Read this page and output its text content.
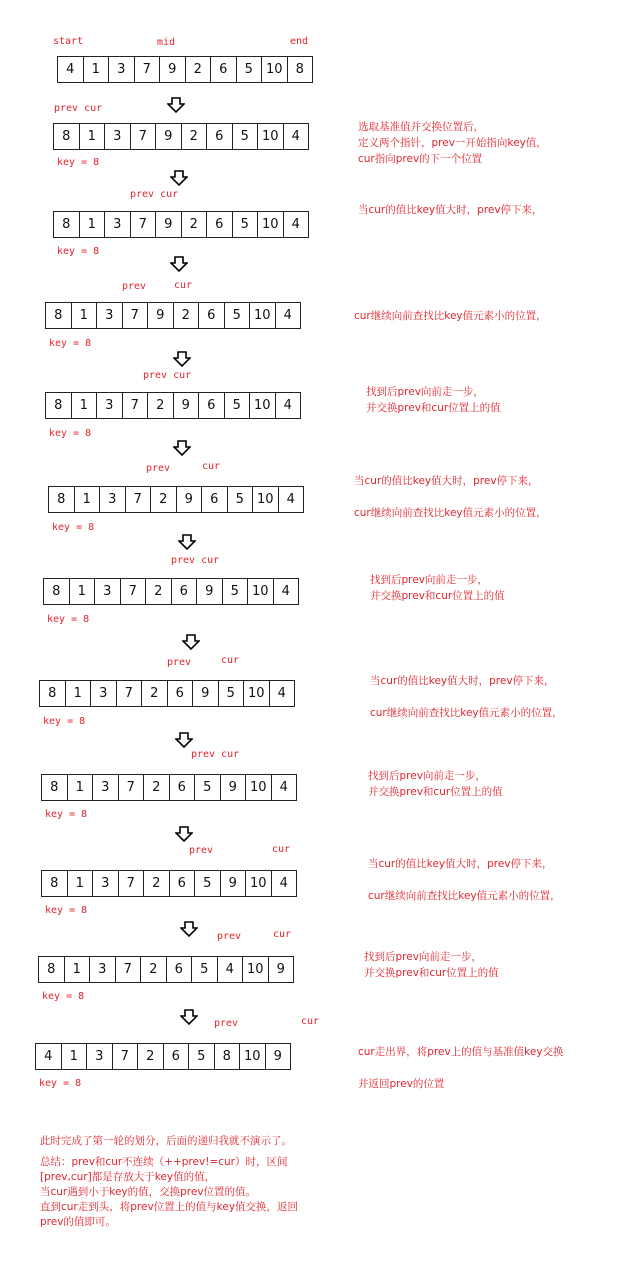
start	mid	end
4	1	3	7	9	2	6	5	10	8
prev cur
8	1	3	7	9	2	6	5	10	4
key = 8
选取基准值并交换位置后，
定义两个指针，prev一开始指向key值，
cur指向prev的下一个位置
prev cur
8	1	3	7	9	2	6	5	10	4
key = 8
当cur的值比key值大时，prev停下来，
prev	cur
8	1	3	7	9	2	6	5	10	4
key = 8
cur继续向前查找比key值元素小的位置，
prev cur
8	1	3	7	2	9	6	5	10	4
key = 8
找到后prev向前走一步，
并交换prev和cur位置上的值
prev	cur
8	1	3	7	2	9	6	5	10	4
key = 8
当cur的值比key值大时，prev停下来，

cur继续向前查找比key值元素小的位置，
prev cur
8	1	3	7	2	6	9	5	10	4
key = 8
找到后prev向前走一步，
并交换prev和cur位置上的值
prev	cur
8	1	3	7	2	6	9	5	10	4
key = 8
当cur的值比key值大时，prev停下来，

cur继续向前查找比key值元素小的位置，
prev cur
8	1	3	7	2	6	5	9	10	4
key = 8
找到后prev向前走一步，
并交换prev和cur位置上的值
prev	cur
8	1	3	7	2	6	5	9	10	4
key = 8
当cur的值比key值大时，prev停下来，

cur继续向前查找比key值元素小的位置，
prev	cur
8	1	3	7	2	6	5	4	10	9
key = 8
找到后prev向前走一步，
并交换prev和cur位置上的值
prev	cur
4	1	3	7	2	6	5	8	10	9
key = 8
cur走出界，将prev上的值与基准值key交换

并返回prev的位置
此时完成了第一轮的划分，后面的递归我就不演示了。
总结：prev和cur不连续（++prev!=cur）时，区间[prev,cur]都是存放大于key值的值，
当cur遇到小于key的值，交换prev位置的值。
直到cur走到头，将prev位置上的值与key值交换，返回prev的值即可。
